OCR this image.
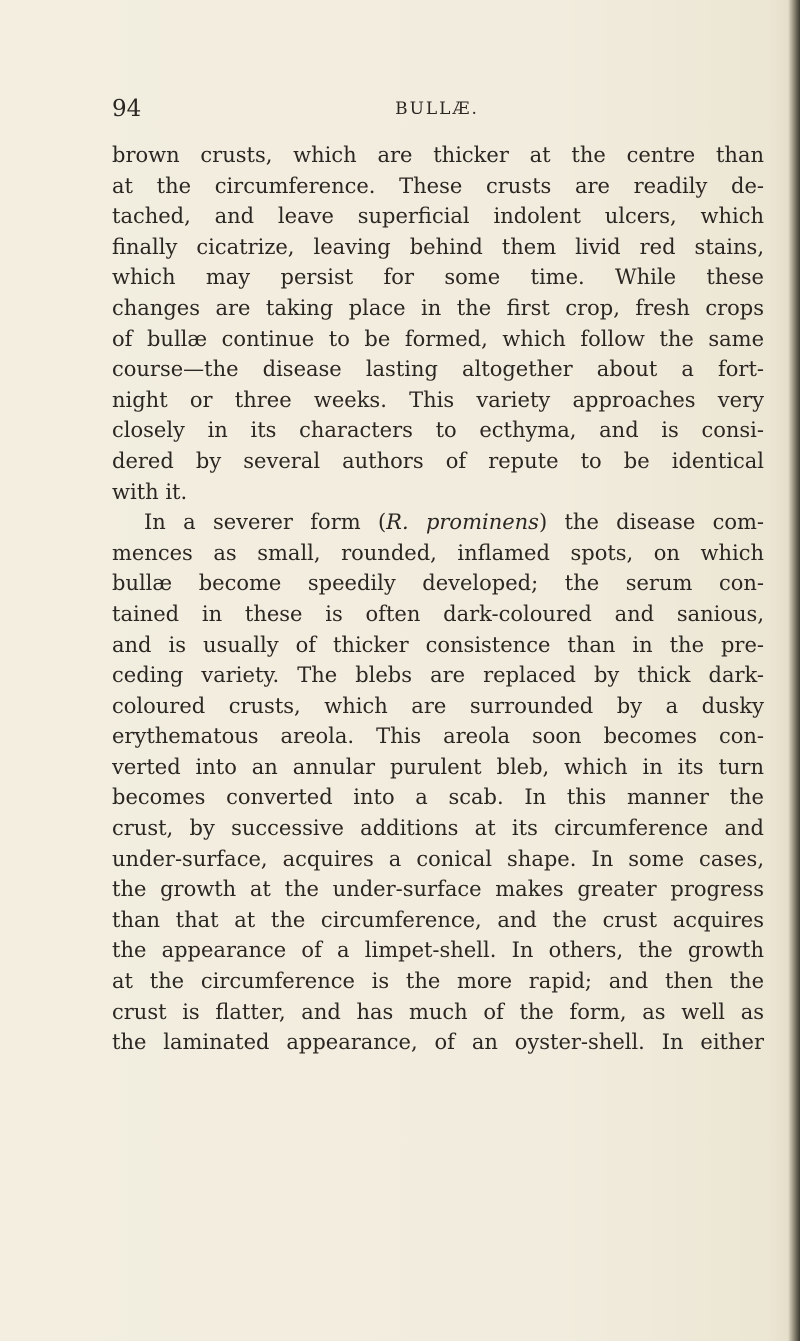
94	BULLÆ.
brown crusts, which are thicker at the centre than
at the circumference. These crusts are readily de-
tached, and leave superficial indolent ulcers, which
finally cicatrize, leaving behind them livid red stains,
which may persist for some time. While these
changes are taking place in the first crop, fresh crops
of bullæ continue to be formed, which follow the same
course—the disease lasting altogether about a fort-
night or three weeks. This variety approaches very
closely in its characters to ecthyma, and is consi-
dered by several authors of repute to be identical
with it.
In a severer form (R. prominens) the disease com-
mences as small, rounded, inflamed spots, on which
bullæ become speedily developed; the serum con-
tained in these is often dark-coloured and sanious,
and is usually of thicker consistence than in the pre-
ceding variety. The blebs are replaced by thick dark-
coloured crusts, which are surrounded by a dusky
erythematous areola. This areola soon becomes con-
verted into an annular purulent bleb, which in its turn
becomes converted into a scab. In this manner the
crust, by successive additions at its circumference and
under-surface, acquires a conical shape. In some cases,
the growth at the under-surface makes greater progress
than that at the circumference, and the crust acquires
the appearance of a limpet-shell. In others, the growth
at the circumference is the more rapid; and then the
crust is flatter, and has much of the form, as well as
the laminated appearance, of an oyster-shell. In either
